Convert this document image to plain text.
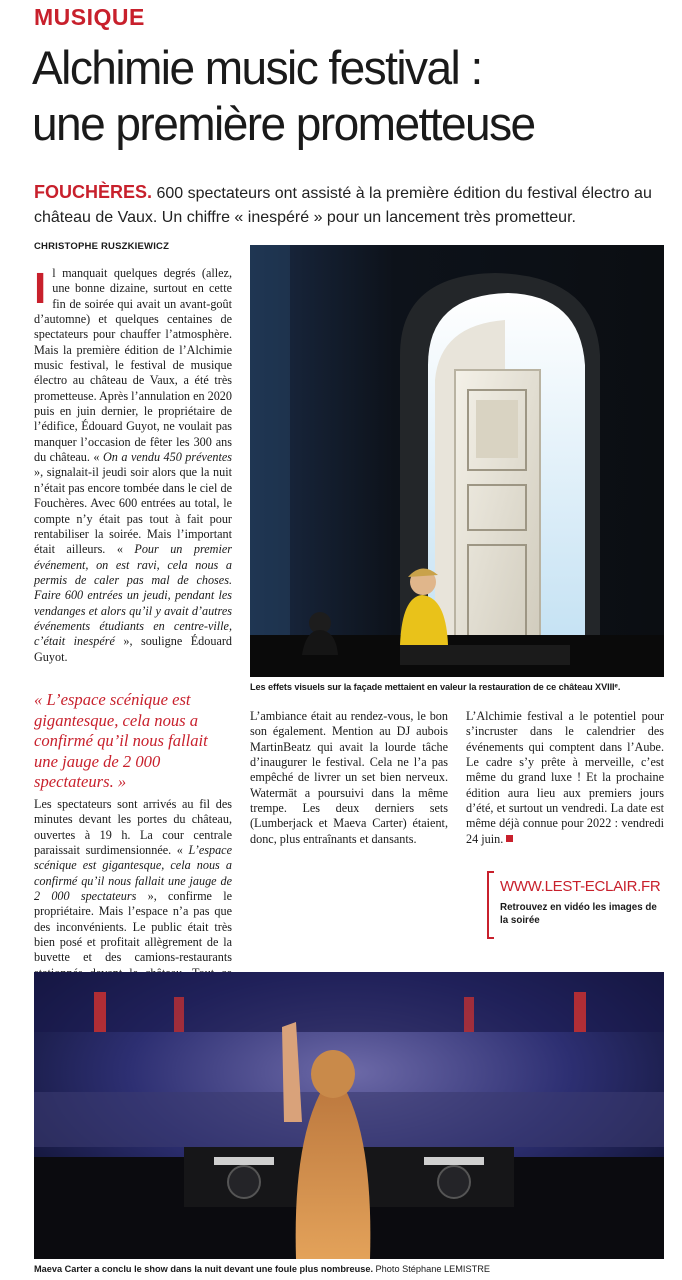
MUSIQUE
Alchimie music festival :
une première prometteuse
FOUCHÈRES. 600 spectateurs ont assisté à la première édition du festival électro au château de Vaux. Un chiffre « inespéré » pour un lancement très prometteur.
CHRISTOPHE RUSZKIEWICZ
Il manquait quelques degrés (allez, une bonne dizaine, surtout en cette fin de soirée qui avait un avant-goût d’automne) et quelques centaines de spectateurs pour chauffer l’atmosphère. Mais la première édition de l’Alchimie music festival, le festival de musique électro au château de Vaux, a été très prometteuse. Après l’annulation en 2020 puis en juin dernier, le propriétaire de l’édifice, Édouard Guyot, ne voulait pas manquer l’occasion de fêter les 300 ans du château. « On a vendu 450 préventes », signalait-il jeudi soir alors que la nuit n’était pas encore tombée dans le ciel de Fouchères. Avec 600 entrées au total, le compte n’y était pas tout à fait pour rentabiliser la soirée. Mais l’important était ailleurs. « Pour un premier événement, on est ravi, cela nous a permis de caler pas mal de choses. Faire 600 entrées un jeudi, pendant les vendanges et alors qu’il y avait d’autres événements étudiants en centre-ville, c’était inespéré », souligne Édouard Guyot.
Les effets visuels sur la façade mettaient en valeur la restauration de ce château XVIIIᵉ.
« L’espace scénique est gigantesque, cela nous a confirmé qu’il nous fallait une jauge de 2 000 spectateurs. »
Les spectateurs sont arrivés au fil des minutes devant les portes du château, ouvertes à 19 h. La cour centrale paraissait surdimensionnée. « L’espace scénique est gigantesque, cela nous a confirmé qu’il nous fallait une jauge de 2 000 spectateurs », confirme le propriétaire. Mais l’espace n’a pas que des inconvénients. Le public était très bien posé et profitait allègrement de la buvette et des camions-restaurants

L’ambiance était au rendez-vous, le bon son également. Mention au DJ aubois MartinBeatz qui avait la lourde tâche d’inaugurer le festival. Cela ne l’a pas empêché de livrer un set bien nerveux. Watermät a poursuivi dans la même trempe. Les deux derniers sets (Lumberjack et Maeva Carter) étaient, donc, plus entraînants et dansants.

L’Alchimie festival a le potentiel pour s’incruster dans le calendrier des événements qui comptent dans l’Aube. Le cadre s’y prête à merveille, c’est même du grand luxe ! Et la prochaine édition aura lieu aux premiers jours d’été, et surtout un vendredi. La date est même déjà connue pour 2022 : vendredi 24 juin.
WWW.LEST-ECLAIR.FR
Retrouvez en vidéo les images de la soirée
Maeva Carter a conclu le show dans la nuit devant une foule plus nombreuse. Photo Stéphane LEMISTRE
